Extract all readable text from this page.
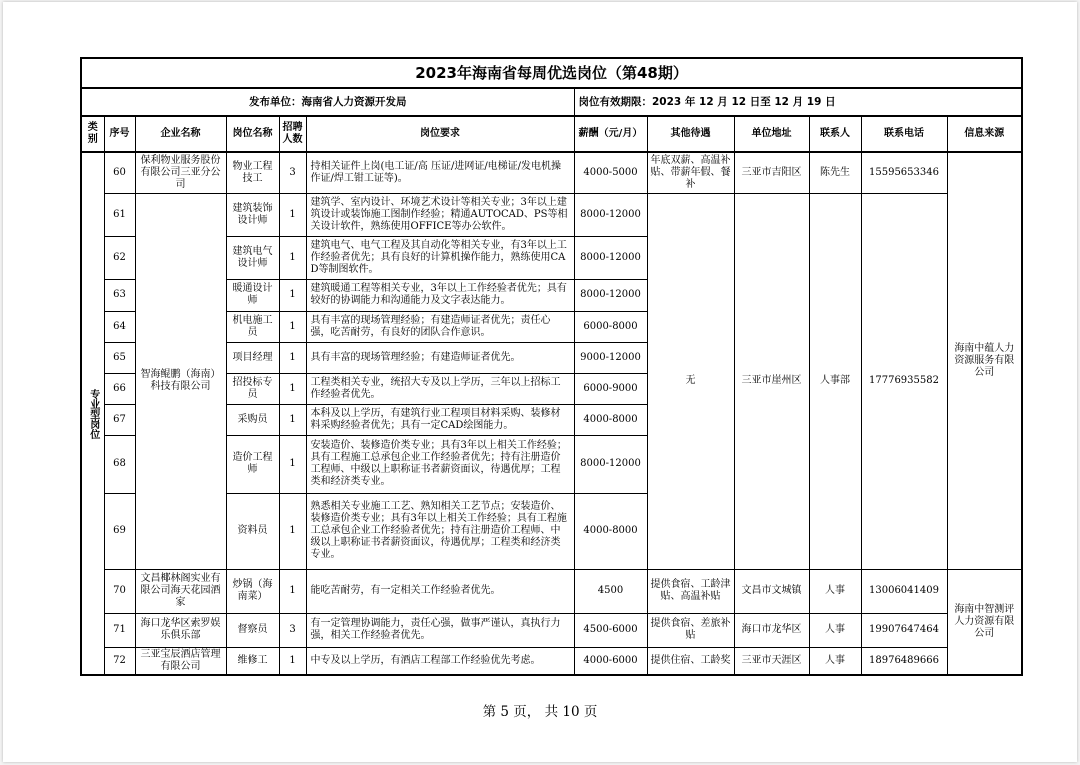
2023年海南省每周优选岗位（第48期）											
发布单位：海南省人力资源开发局						岗位有效期限：2023 年 12 月 12 日至 12 月 19 日					
类别	序号	企业名称	岗位名称	招聘人数	岗位要求	薪酬（元/月）	其他待遇	单位地址	联系人	联系电话	信息来源
专业型岗位	60	保利物业服务股份有限公司三亚分公司	物业工程技工	3	持相关证件上岗(电工证/高 压证/进网证/电梯证/发电机操作证/焊工钳工证等)。	4000-5000	年底双薪、高温补贴、带薪年假、餐补	三亚市吉阳区	陈先生	15595653346	海南中蕴人力资源服务有限公司
	61	智海鲲鹏（海南）科技有限公司	建筑装饰设计师	1	建筑学、室内设计、环境艺术设计等相关专业；3年以上建筑设计或装饰施工图制作经验；精通AUTOCAD、PS等相关设计软件，熟练使用OFFICE等办公软件。	8000-12000	无	三亚市崖州区	人事部	17776935582	
	62		建筑电气设计师	1	建筑电气、电气工程及其自动化等相关专业，有3年以上工作经验者优先；具有良好的计算机操作能力，熟练使用CAD等制图软件。	8000-12000					
	63		暖通设计师	1	建筑暖通工程等相关专业，3年以上工作经验者优先；具有较好的协调能力和沟通能力及文字表达能力。	8000-12000					
	64		机电施工员	1	具有丰富的现场管理经验；有建造师证者优先；责任心强，吃苦耐劳，有良好的团队合作意识。	6000-8000					
	65		项目经理	1	具有丰富的现场管理经验；有建造师证者优先。	9000-12000					
	66		招投标专员	1	工程类相关专业，统招大专及以上学历，三年以上招标工作经验者优先。	6000-9000					
	67		采购员	1	本科及以上学历，有建筑行业工程项目材料采购、装修材料采购经验者优先；具有一定CAD绘图能力。	4000-8000					
	68		造价工程师	1	安装造价、装修造价类专业；具有3年以上相关工作经验；具有工程施工总承包企业工作经验者优先；持有注册造价工程师、中级以上职称证书者薪资面议，待遇优厚；工程类和经济类专业。	8000-12000					
	69		资料员	1	熟悉相关专业施工工艺、熟知相关工艺节点；安装造价、装修造价类专业；具有3年以上相关工作经验；具有工程施工总承包企业工作经验者优先；持有注册造价工程师、中级以上职称证书者薪资面议，待遇优厚；工程类和经济类专业。	4000-8000					
	70	文昌椰林阁实业有限公司海天花园酒家	炒锅（海南菜）	1	能吃苦耐劳，有一定相关工作经验者优先。	4500	提供食宿、工龄津贴、高温补贴	文昌市文城镇	人事	13006041409	海南中智测评人力资源有限公司
	71	海口龙华区索罗娱乐俱乐部	督察员	3	有一定管理协调能力，责任心强，做事严谨认，真执行力强，相关工作经验者优先。	4500-6000	提供食宿、差旅补贴	海口市龙华区	人事	19907647464	
	72	三亚宝辰酒店管理有限公司	维修工	1	中专及以上学历，有酒店工程部工作经验优先考虑。	4000-6000	提供住宿、工龄奖	三亚市天涯区	人事	18976489666	
第 5 页， 共 10 页
